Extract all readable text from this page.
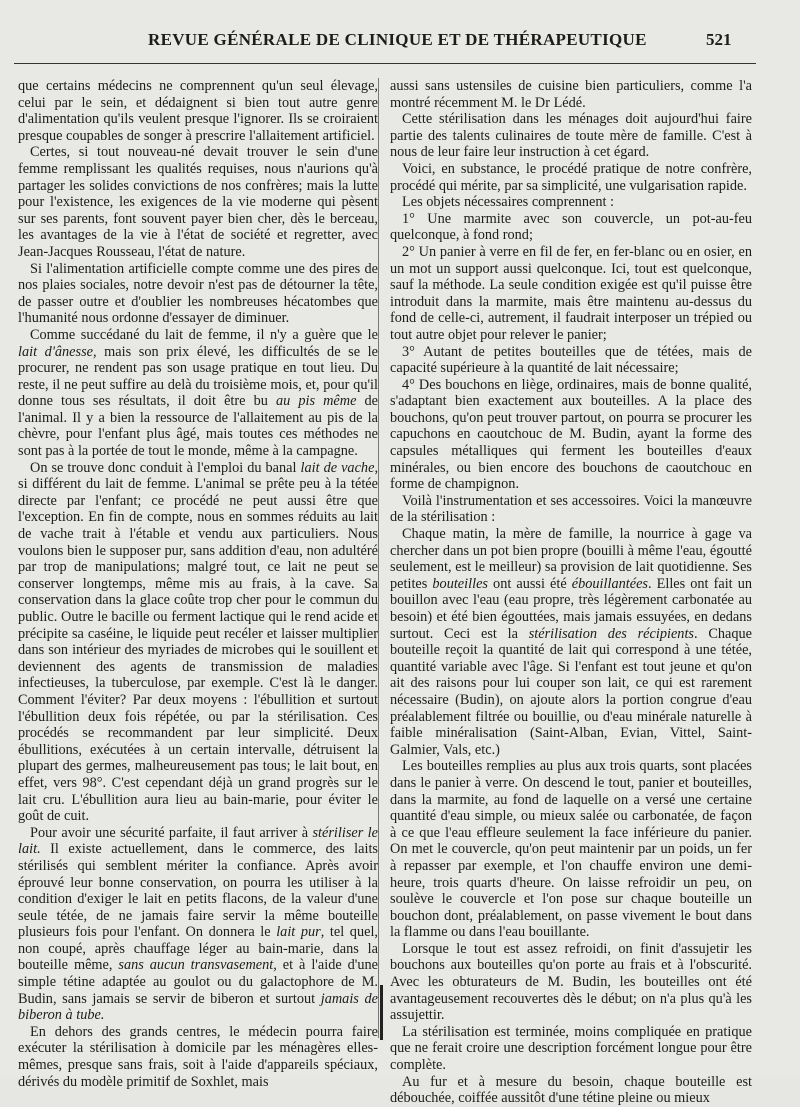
REVUE GÉNÉRALE DE CLINIQUE ET DE THÉRAPEUTIQUE	521

que certains médecins ne comprennent qu'un seul élevage, celui par le sein, et dédaignent si bien tout autre genre d'alimentation qu'ils veulent presque l'ignorer. Ils se croiraient presque coupables de songer à prescrire l'allaitement artificiel.

Certes, si tout nouveau-né devait trouver le sein d'une femme remplissant les qualités requises, nous n'aurions qu'à partager les solides convictions de nos confrères; mais la lutte pour l'existence, les exigences de la vie moderne qui pèsent sur ses parents, font souvent payer bien cher, dès le berceau, les avantages de la vie à l'état de société et regretter, avec Jean-Jacques Rousseau, l'état de nature.

Si l'alimentation artificielle compte comme une des pires de nos plaies sociales, notre devoir n'est pas de détourner la tête, de passer outre et d'oublier les nombreuses hécatombes que l'humanité nous ordonne d'essayer de diminuer.

Comme succédané du lait de femme, il n'y a guère que le lait d'ânesse, mais son prix élevé, les difficultés de se le procurer, ne rendent pas son usage pratique en tout lieu. Du reste, il ne peut suffire au delà du troisième mois, et, pour qu'il donne tous ses résultats, il doit être bu au pis même de l'animal. Il y a bien la ressource de l'allaitement au pis de la chèvre, pour l'enfant plus âgé, mais toutes ces méthodes ne sont pas à la portée de tout le monde, même à la campagne.

On se trouve donc conduit à l'emploi du banal lait de vache, si différent du lait de femme. L'animal se prête peu à la tétée directe par l'enfant; ce procédé ne peut aussi être que l'exception. En fin de compte, nous en sommes réduits au lait de vache trait à l'étable et vendu aux particuliers. Nous voulons bien le supposer pur, sans addition d'eau, non adultéré par trop de manipulations; malgré tout, ce lait ne peut se conserver longtemps, même mis au frais, à la cave. Sa conservation dans la glace coûte trop cher pour le commun du public. Outre le bacille ou ferment lactique qui le rend acide et précipite sa caséine, le liquide peut recéler et laisser multiplier dans son intérieur des myriades de microbes qui le souillent et deviennent des agents de transmission de maladies infectieuses, la tuberculose, par exemple. C'est là le danger. Comment l'éviter? Par deux moyens : l'ébullition et surtout l'ébullition deux fois répétée, ou par la stérilisation. Ces procédés se recommandent par leur simplicité. Deux ébullitions, exécutées à un certain intervalle, détruisent la plupart des germes, malheureusement pas tous; le lait bout, en effet, vers 98°. C'est cependant déjà un grand progrès sur le lait cru. L'ébullition aura lieu au bain-marie, pour éviter le goût de cuit.

Pour avoir une sécurité parfaite, il faut arriver à stériliser le lait. Il existe actuellement, dans le commerce, des laits stérilisés qui semblent mériter la confiance. Après avoir éprouvé leur bonne conservation, on pourra les utiliser à la condition d'exiger le lait en petits flacons, de la valeur d'une seule tétée, de ne jamais faire servir la même bouteille plusieurs fois pour l'enfant. On donnera le lait pur, tel quel, non coupé, après chauffage léger au bain-marie, dans la bouteille même, sans aucun transvasement, et à l'aide d'une simple tétine adaptée au goulot ou du galactophore de M. Budin, sans jamais se servir de biberon et surtout jamais de biberon à tube.

En dehors des grands centres, le médecin pourra faire exécuter la stérilisation à domicile par les ménagères elles-mêmes, presque sans frais, soit à l'aide d'appareils spéciaux, dérivés du modèle primitif de Soxhlet, mais

aussi sans ustensiles de cuisine bien particuliers, comme l'a montré récemment M. le Dr Lédé.

Cette stérilisation dans les ménages doit aujourd'hui faire partie des talents culinaires de toute mère de famille. C'est à nous de leur faire leur instruction à cet égard.

Voici, en substance, le procédé pratique de notre confrère, procédé qui mérite, par sa simplicité, une vulgarisation rapide.

Les objets nécessaires comprennent :

1° Une marmite avec son couvercle, un pot-au-feu quelconque, à fond rond;

2° Un panier à verre en fil de fer, en fer-blanc ou en osier, en un mot un support aussi quelconque. Ici, tout est quelconque, sauf la méthode. La seule condition exigée est qu'il puisse être introduit dans la marmite, mais être maintenu au-dessus du fond de celle-ci, autrement, il faudrait interposer un trépied ou tout autre objet pour relever le panier;

3° Autant de petites bouteilles que de tétées, mais de capacité supérieure à la quantité de lait nécessaire;

4° Des bouchons en liège, ordinaires, mais de bonne qualité, s'adaptant bien exactement aux bouteilles. A la place des bouchons, qu'on peut trouver partout, on pourra se procurer les capuchons en caoutchouc de M. Budin, ayant la forme des capsules métalliques qui ferment les bouteilles d'eaux minérales, ou bien encore des bouchons de caoutchouc en forme de champignon.

Voilà l'instrumentation et ses accessoires. Voici la manœuvre de la stérilisation :

Chaque matin, la mère de famille, la nourrice à gage va chercher dans un pot bien propre (bouilli à même l'eau, égoutté seulement, est le meilleur) sa provision de lait quotidienne. Ses petites bouteilles ont aussi été ébouillantées. Elles ont fait un bouillon avec l'eau (eau propre, très légèrement carbonatée au besoin) et été bien égouttées, mais jamais essuyées, en dedans surtout. Ceci est la stérilisation des récipients. Chaque bouteille reçoit la quantité de lait qui correspond à une tétée, quantité variable avec l'âge. Si l'enfant est tout jeune et qu'on ait des raisons pour lui couper son lait, ce qui est rarement nécessaire (Budin), on ajoute alors la portion congrue d'eau préalablement filtrée ou bouillie, ou d'eau minérale naturelle à faible minéralisation (Saint-Alban, Evian, Vittel, Saint-Galmier, Vals, etc.)

Les bouteilles remplies au plus aux trois quarts, sont placées dans le panier à verre. On descend le tout, panier et bouteilles, dans la marmite, au fond de laquelle on a versé une certaine quantité d'eau simple, ou mieux salée ou carbonatée, de façon à ce que l'eau effleure seulement la face inférieure du panier. On met le couvercle, qu'on peut maintenir par un poids, un fer à repasser par exemple, et l'on chauffe environ une demi-heure, trois quarts d'heure. On laisse refroidir un peu, on soulève le couvercle et l'on pose sur chaque bouteille un bouchon dont, préalablement, on passe vivement le bout dans la flamme ou dans l'eau bouillante.

Lorsque le tout est assez refroidi, on finit d'assujetir les bouchons aux bouteilles qu'on porte au frais et à l'obscurité. Avec les obturateurs de M. Budin, les bouteilles ont été avantageusement recouvertes dès le début; on n'a plus qu'à les assujettir.

La stérilisation est terminée, moins compliquée en pratique que ne ferait croire une description forcément longue pour être complète.

Au fur et à mesure du besoin, chaque bouteille est débouchée, coiffée aussitôt d'une tétine pleine ou mieux
